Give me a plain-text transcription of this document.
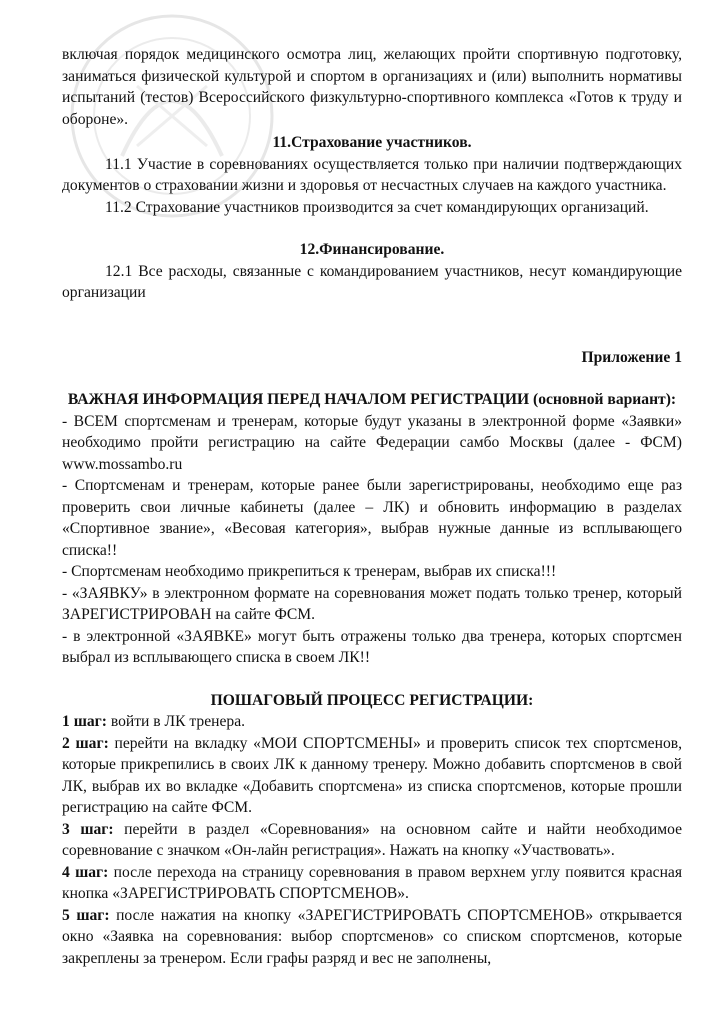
включая порядок медицинского осмотра лиц, желающих пройти спортивную подготовку, заниматься физической культурой и спортом в организациях и (или) выполнить нормативы испытаний (тестов) Всероссийского физкультурно-спортивного комплекса «Готов к труду и обороне».

11.Страхование участников.

11.1 Участие в соревнованиях осуществляется только при наличии подтверждающих документов о страховании жизни и здоровья от несчастных случаев на каждого участника.

11.2 Страхование участников производится за счет командирующих организаций.

12.Финансирование.

12.1 Все расходы, связанные с командированием участников, несут командирующие организации

Приложение 1

ВАЖНАЯ ИНФОРМАЦИЯ ПЕРЕД НАЧАЛОМ РЕГИСТРАЦИИ (основной вариант):

- ВСЕМ спортсменам и тренерам, которые будут указаны в электронной форме «Заявки» необходимо пройти регистрацию на сайте Федерации самбо Москвы (далее - ФСМ) www.mossambo.ru

- Спортсменам и тренерам, которые ранее были зарегистрированы, необходимо еще раз проверить свои личные кабинеты (далее – ЛК) и обновить информацию в разделах «Спортивное звание», «Весовая категория», выбрав нужные данные из всплывающего списка!!

- Спортсменам необходимо прикрепиться к тренерам, выбрав их списка!!!

- «ЗАЯВКУ» в электронном формате на соревнования может подать только тренер, который ЗАРЕГИСТРИРОВАН на сайте ФСМ.

- в электронной «ЗАЯВКЕ» могут быть отражены только два тренера, которых спортсмен выбрал из всплывающего списка в своем ЛК!!

ПОШАГОВЫЙ ПРОЦЕСС РЕГИСТРАЦИИ:

1 шаг: войти в ЛК тренера.

2 шаг: перейти на вкладку «МОИ СПОРТСМЕНЫ» и проверить список тех спортсменов, которые прикрепились в своих ЛК к данному тренеру. Можно добавить спортсменов в свой ЛК, выбрав их во вкладке «Добавить спортсмена» из списка спортсменов, которые прошли регистрацию на сайте ФСМ.

3 шаг: перейти в раздел «Соревнования» на основном сайте и найти необходимое соревнование с значком «Он-лайн регистрация». Нажать на кнопку «Участвовать».

4 шаг: после перехода на страницу соревнования в правом верхнем углу появится красная кнопка «ЗАРЕГИСТРИРОВАТЬ СПОРТСМЕНОВ».

5 шаг: после нажатия на кнопку «ЗАРЕГИСТРИРОВАТЬ СПОРТСМЕНОВ» открывается окно «Заявка на соревнования: выбор спортсменов» со списком спортсменов, которые закреплены за тренером. Если графы разряд и вес не заполнены,
